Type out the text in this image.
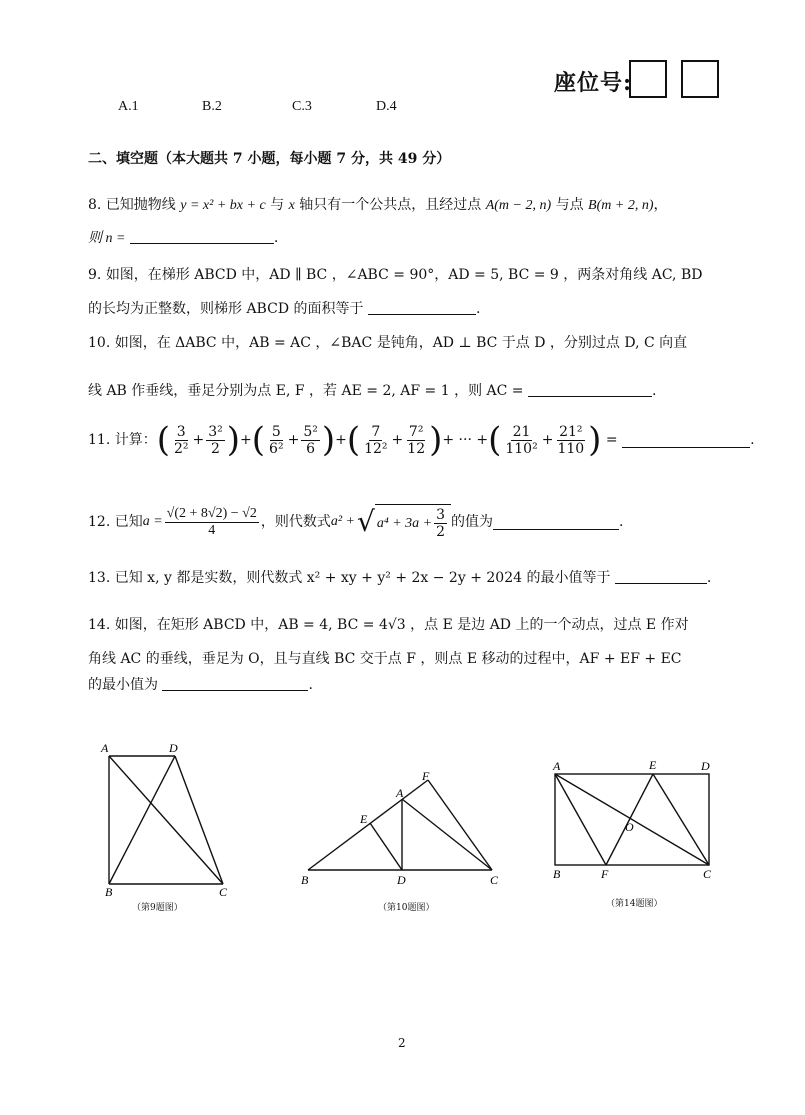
座位号:
A.1	B.2	C.3	D.4
二、填空题（本大题共 7 小题，每小题 7 分，共 49 分）
8. 已知抛物线 y = x² + bx + c 与 x 轴只有一个公共点，且经过点 A(m − 2, n) 与点 B(m + 2, n)，
则 n =	.
9. 如图，在梯形 ABCD 中，AD ∥ BC ，∠ABC = 90°，AD = 5, BC = 9 ，两条对角线 AC, BD
的长均为正整数，则梯形 ABCD 的面积等于	.
10. 如图，在 ΔABC 中，AB = AC ，∠BAC 是钝角，AD ⊥ BC 于点 D ，分别过点 D, C 向直
线 AB 作垂线，垂足分别为点 E, F ，若 AE = 2, AF = 1 ，则 AC =	.
11.
计算： ( $\frac{3}{\text{2²}} + \frac{\text{3²}}{2}$ ) + ( $\frac{5}{\text{6²}} + \frac{\text{5²}}{6}$ ) + ( $\frac{7}{\text{12²}} + \frac{\text{7²}}{12}$ ) + ··· + ( $\frac{21}{\text{110²}} + \frac{\text{21²}}{110}$ )
=
	.
12.
已知 $a = \frac{√(2 + 8√2) - √2}{4}$ ，则代数式 a² + √ $a^4 + 3a + \frac{3}{2}$ 的值为	.
13. 已知 x, y 都是实数，则代数式 x² + xy + y² + 2x − 2y + 2024 的最小值等于	.
14. 如图，在矩形 ABCD 中，AB = 4, BC = 4√3 ，点 E 是边 AD 上的一个动点，过点 E 作对
角线 AC 的垂线，垂足为 O，且与直线 BC 交于点 F ，则点 E 移动的过程中，AF + EF + EC
的最小值为	.
A	D
B	C
（第9题图）
A
B	C
D
E
F
（第10题图）
A	D
B	C
E
F
O
（第14题图）
2
